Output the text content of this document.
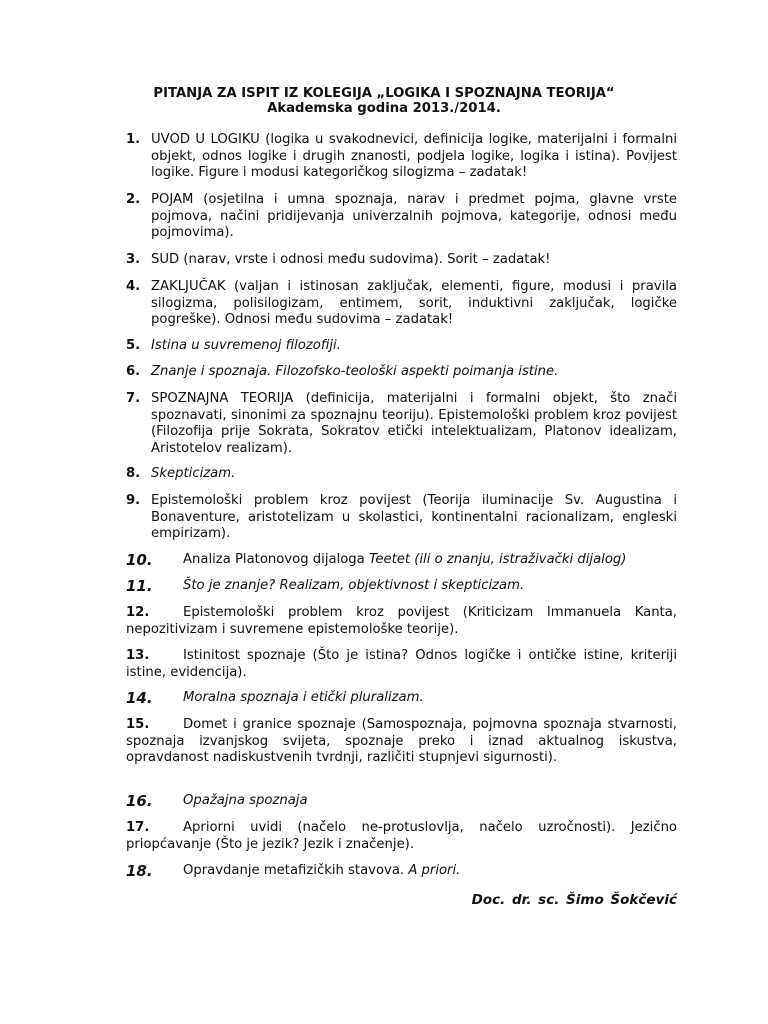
PITANJA ZA ISPIT IZ KOLEGIJA „LOGIKA I SPOZNAJNA TEORIJA“
Akademska godina 2013./2014.
1. UVOD U LOGIKU (logika u svakodnevici, definicija logike, materijalni i formalni objekt, odnos logike i drugih znanosti, podjela logike, logika i istina). Povijest logike. Figure i modusi kategoričkog silogizma – zadatak!
2. POJAM (osjetilna i umna spoznaja, narav i predmet pojma, glavne vrste pojmova, načini pridijevanja univerzalnih pojmova, kategorije, odnosi među pojmovima).
3. SUD (narav, vrste i odnosi među sudovima). Sorit – zadatak!
4. ZAKLJUČAK (valjan i istinosan zaključak, elementi, figure, modusi i pravila silogizma, polisilogizam, entimem, sorit, induktivni zaključak, logičke pogreške). Odnosi među sudovima – zadatak!
5. Istina u suvremenoj filozofiji.
6. Znanje i spoznaja. Filozofsko-teološki aspekti poimanja istine.
7. SPOZNAJNA TEORIJA (definicija, materijalni i formalni objekt, što znači spoznavati, sinonimi za spoznajnu teoriju). Epistemološki problem kroz povijest (Filozofija prije Sokrata, Sokratov etički intelektualizam, Platonov idealizam, Aristotelov realizam).
8. Skepticizam.
9. Epistemološki problem kroz povijest (Teorija iluminacije Sv. Augustina i Bonaventure, aristotelizam u skolastici, kontinentalni racionalizam, engleski empirizam).
10.	Analiza Platonovog dijaloga Teetet (ili o znanju, istraživački dijalog)
11.	Što je znanje? Realizam, objektivnost i skepticizam.
12.	Epistemološki problem kroz povijest (Kriticizam Immanuela Kanta, nepozitivizam i suvremene epistemološke teorije).
13.	Istinitost spoznaje (Što je istina? Odnos logičke i ontičke istine, kriteriji istine, evidencija).
14.	Moralna spoznaja i etički pluralizam.
15.	Domet i granice spoznaje (Samospoznaja, pojmovna spoznaja stvarnosti, spoznaja izvanjskog svijeta, spoznaje preko i iznad aktualnog iskustva, opravdanost nadiskustvenih tvrdnji, različiti stupnjevi sigurnosti).
16.	Opažajna spoznaja
17.	Apriorni uvidi (načelo ne-protuslovlja, načelo uzročnosti). Jezično priopćavanje (Što je jezik? Jezik i značenje).
18.	Opravdanje metafizičkih stavova. A priori.
Doc. dr. sc. Šimo Šokčević
